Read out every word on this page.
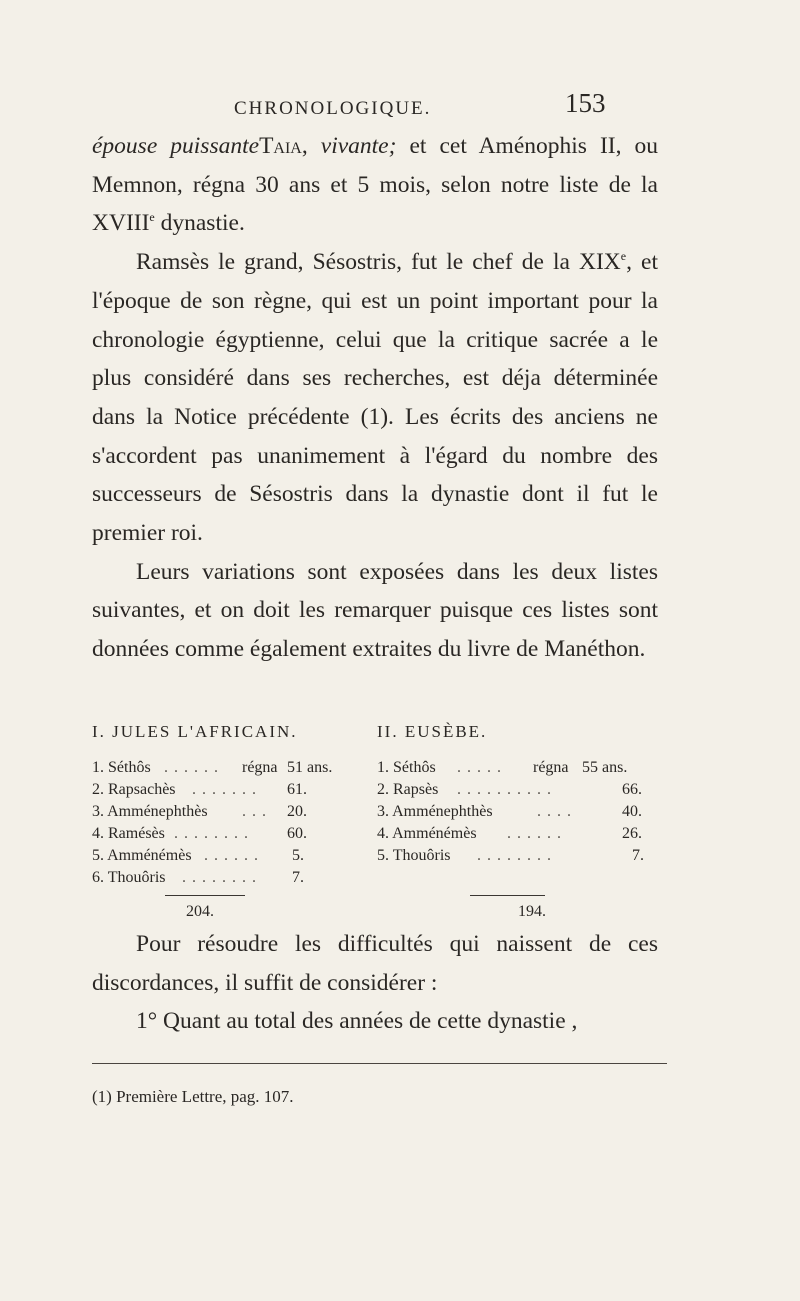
CHRONOLOGIQUE.	153

épouse puissanteTaia, vivante; et cet Aménophis II, ou Memnon, régna 30 ans et 5 mois, selon notre liste de la XVIIIe dynastie.

Ramsès le grand, Sésostris, fut le chef de la XIXe, et l'époque de son règne, qui est un point important pour la chronologie égyptienne, celui que la critique sacrée a le plus considéré dans ses recherches, est déja déterminée dans la Notice précédente (1). Les écrits des anciens ne s'accordent pas unanimement à l'égard du nombre des successeurs de Sésostris dans la dynastie dont il fut le premier roi.

Leurs variations sont exposées dans les deux listes suivantes, et on doit les remarquer puisque ces listes sont données comme également extraites du livre de Manéthon.

I. JULES L'AFRICAIN.	II. EUSÈBE.
1. Séthôs . . . . . . régna 51 ans.
2. Rapsachès . . . . . . . 61.
3. Amménephthès . . . 20.
4. Ramésès . . . . . . . . 60.
5. Amménémès . . . . . . 5.
6. Thouôris . . . . . . . . 7.
1. Séthôs . . . . . régna 55 ans.
2. Rapsès . . . . . . . . . .	66.
3. Amménephthès	. . . .	40.
4. Amménémès . . . . . .	26.
5. Thouôris . . . . . . . .	7.
204.	194.

Pour résoudre les difficultés qui naissent de ces discordances, il suffit de considérer :

1° Quant au total des années de cette dynastie ,

(1) Première Lettre, pag. 107.
